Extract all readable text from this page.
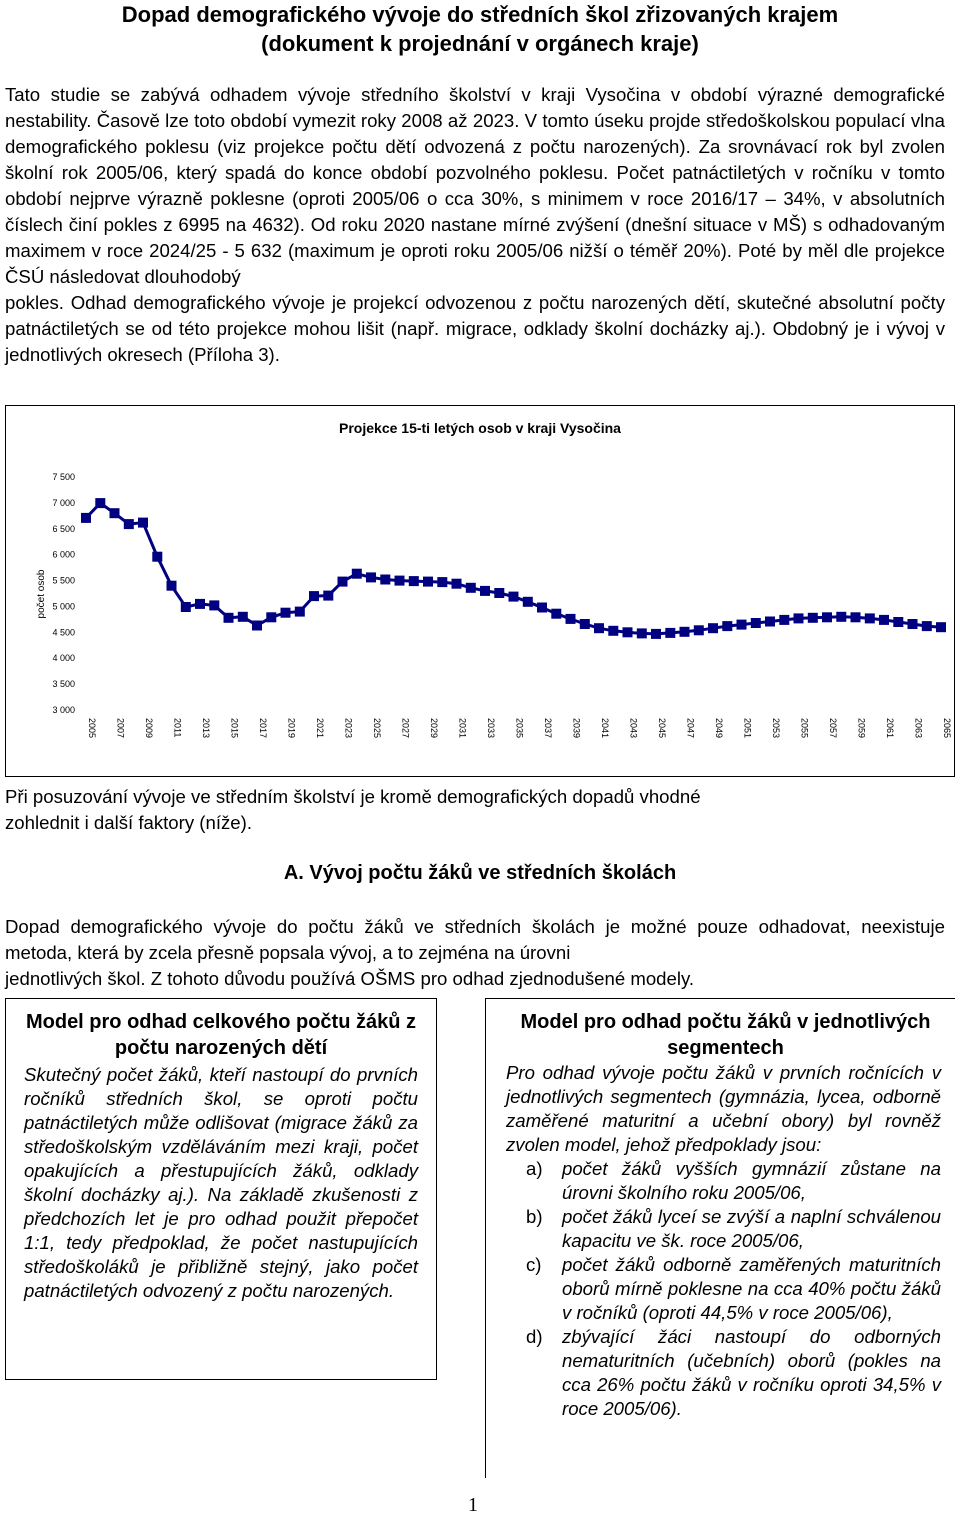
Dopad demografického vývoje do středních škol zřizovaných krajem
(dokument k projednání v orgánech kraje)
Tato studie se zabývá odhadem vývoje středního školství v kraji Vysočina v období výrazné demografické nestability. Časově lze toto období vymezit roky 2008 až 2023. V tomto úseku projde středoškolskou populací vlna demografického poklesu (viz projekce počtu dětí odvozená z počtu narozených). Za srovnávací rok byl zvolen školní rok 2005/06, který spadá do konce období pozvolného poklesu. Počet patnáctiletých v ročníku v tomto období nejprve výrazně poklesne (oproti 2005/06 o cca 30%, s minimem v roce 2016/17 – 34%, v absolutních číslech činí pokles z 6995 na 4632). Od roku 2020 nastane mírné zvýšení (dnešní situace v MŠ) s odhadovaným maximem v roce 2024/25 - 5 632 (maximum je oproti roku 2005/06 nižší o téměř 20%). Poté by měl dle projekce ČSÚ následovat dlouhodobý
pokles. Odhad demografického vývoje je projekcí odvozenou z počtu narozených dětí, skutečné absolutní počty patnáctiletých se od této projekce mohou lišit (např. migrace, odklady školní docházky aj.). Obdobný je i vývoj v jednotlivých okresech (Příloha 3).
Projekce 15-ti letých osob v kraji Vysočina
počet osob
3 000
3 500
4 000
4 500
5 000
5 500
6 000
6 500
7 000
7 500
2005 2007 2009 2011 2013 2015 2017 2019 2021 2023 2025 2027 2029 2031 2033 2035 2037 2039 2041 2043 2045 2047 2049 2051 2053 2055 2057 2059 2061 2063 2065
Při posuzování vývoje ve středním školství je kromě demografických dopadů vhodné
zohlednit i další faktory (níže).
A. Vývoj počtu žáků ve středních školách
Dopad demografického vývoje do počtu žáků ve středních školách je možné pouze odhadovat, neexistuje metoda, která by zcela přesně popsala vývoj, a to zejména na úrovni
jednotlivých škol. Z tohoto důvodu používá OŠMS pro odhad zjednodušené modely.
Model pro odhad celkového počtu žáků z počtu narozených dětí
Skutečný počet žáků, kteří nastoupí do prvních ročníků středních škol, se oproti počtu patnáctiletých může odlišovat (migrace žáků za středoškolským vzděláváním mezi kraji, počet opakujících a přestupujících žáků, odklady školní docházky aj.). Na základě zkušenosti z předchozích let je pro odhad použit přepočet 1:1, tedy předpoklad, že počet nastupujících středoškoláků je přibližně stejný, jako počet patnáctiletých odvozený z počtu narozených.
Model pro odhad počtu žáků v jednotlivých segmentech
Pro odhad vývoje počtu žáků v prvních ročnících v jednotlivých segmentech (gymnázia, lycea, odborně zaměřené maturitní a učební obory) byl rovněž zvolen model, jehož předpoklady jsou:
a) počet žáků vyšších gymnázií zůstane na úrovni školního roku 2005/06,
b) počet žáků lyceí se zvýší a naplní schválenou kapacitu ve šk. roce 2005/06,
c) počet žáků odborně zaměřených maturitních oborů mírně poklesne na cca 40% počtu žáků v ročníků (oproti 44,5% v roce 2005/06),
d) zbývající žáci nastoupí do odborných nematuritních (učebních) oborů (pokles na cca 26% počtu žáků v ročníku oproti 34,5% v roce 2005/06).
1
